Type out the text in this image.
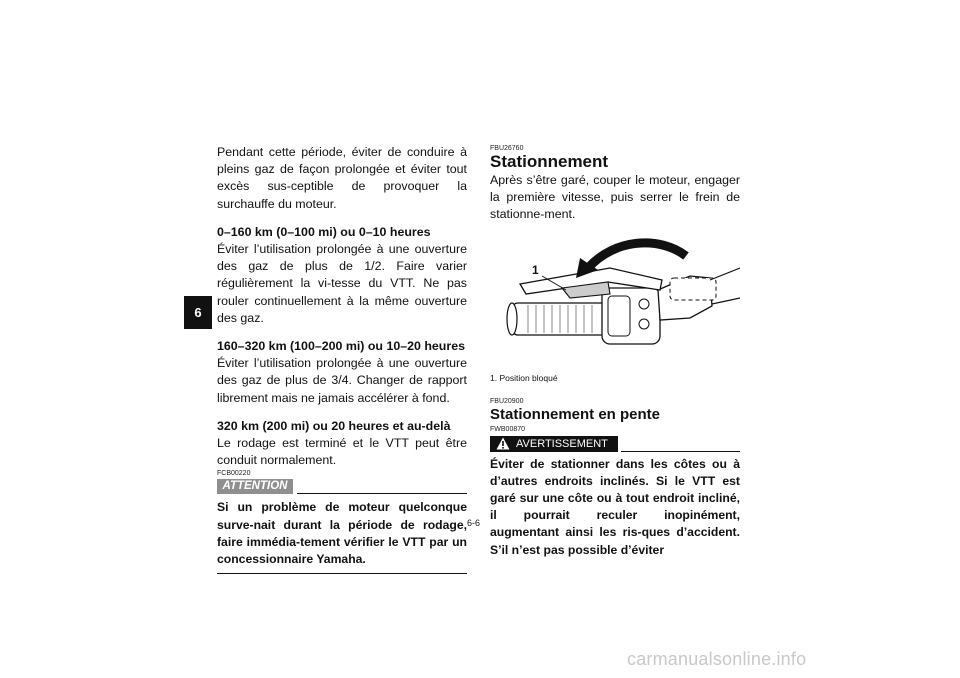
6

Pendant cette période, éviter de conduire à pleins gaz de façon prolongée et éviter tout excès sus-ceptible de provoquer la surchauffe du moteur.

0–160 km (0–100 mi) ou 0–10 heures

Éviter l’utilisation prolongée à une ouverture des gaz de plus de 1/2. Faire varier régulièrement la vi-tesse du VTT. Ne pas rouler continuellement à la même ouverture des gaz.

160–320 km (100–200 mi) ou 10–20 heures

Éviter l’utilisation prolongée à une ouverture des gaz de plus de 3/4. Changer de rapport librement mais ne jamais accélérer à fond.

320 km (200 mi) ou 20 heures et au-delà

Le rodage est terminé et le VTT peut être conduit normalement.

FCB00220

ATTENTION

Si un problème de moteur quelconque surve-nait durant la période de rodage, faire immédia-tement vérifier le VTT par un concessionnaire Yamaha.

FBU26760

Stationnement

Après s’être garé, couper le moteur, engager la première vitesse, puis serrer le frein de stationne-ment.

1

1. Position bloqué

FBU20900

Stationnement en pente

FWB00870

AVERTISSEMENT

Éviter de stationner dans les côtes ou à d’autres endroits inclinés. Si le VTT est garé sur une côte ou à tout endroit incliné, il pourrait reculer inopinément, augmentant ainsi les ris-ques d’accident. S’il n’est pas possible d’éviter

6-6
carmanualsonline.info
